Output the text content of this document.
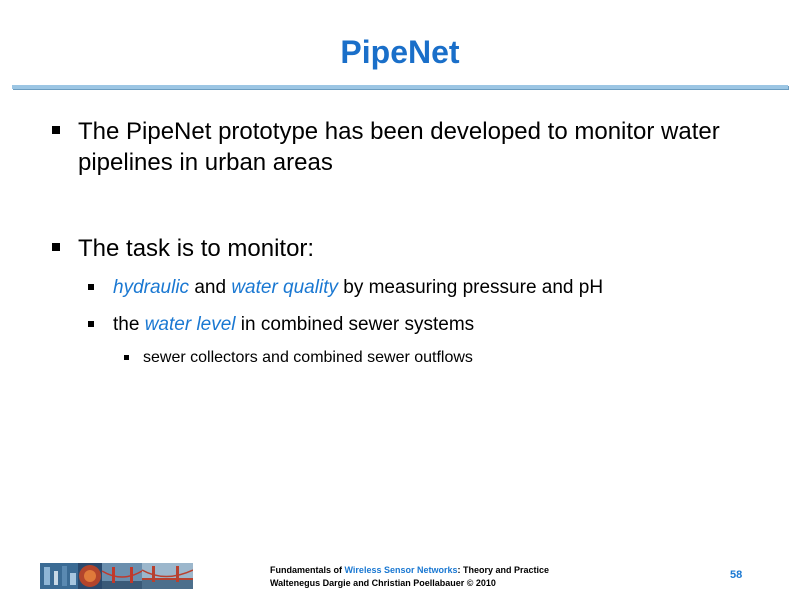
PipeNet
The PipeNet prototype has been developed to monitor water pipelines in urban areas
The task is to monitor:
hydraulic and water quality by measuring pressure and pH
the water level in combined sewer systems
sewer collectors and combined sewer outflows
Fundamentals of Wireless Sensor Networks: Theory and Practice
Waltenegus Dargie and Christian Poellabauer © 2010
58
